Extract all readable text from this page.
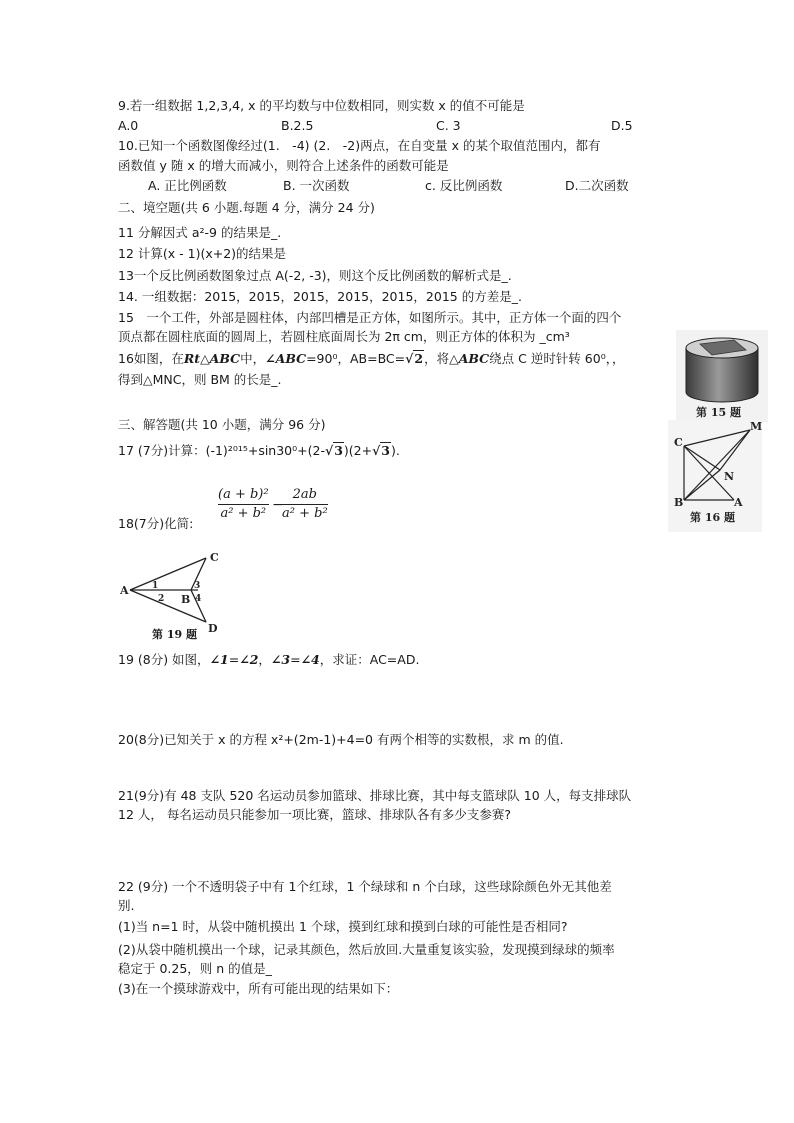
9.若一组数据 1,2,3,4, x 的平均数与中位数相同，则实数 x 的值不可能是
A.0	B.2.5	C. 3	D.5
10.已知一个函数图像经过(1.　-4) (2.　-2)两点，在自变量 x 的某个取值范围内，都有
函数值 y 随 x 的增大而减小，则符合上述条件的函数可能是
A. 正比例函数	B. 一次函数	c. 反比例函数	D.二次函数
二、境空题(共 6 小题.每题 4 分，满分 24 分)
11 分解因式 a²-9 的结果是_.
12 计算(x - 1)(x+2)的结果是
13一个反比例函数图象过点 A(-2, -3)，则这个反比例函数的解析式是_.
14. 一组数据：2015，2015，2015，2015，2015，2015 的方差是_.
15　一个工件，外部是圆柱体，内部凹槽是正方体，如图所示。其中，正方体一个面的四个
顶点都在圆柱底面的圆周上，若圆柱底面周长为 2π cm，则正方体的体积为 _cm³
16如图，在Rt△ABC中，∠ABC=90⁰，AB=BC=√2，将△ABC绕点 C 逆时针转 60⁰，，
得到△MNC，则 BM 的长是_.
三、解答题(共 10 小题，满分 96 分)
17 (7分)计算：(-1)²⁰¹⁵+sin30⁰+(2-√3)(2+√3).
(a + b)²
a² + b²
−
2ab
a² + b²
18(7分)化简:
C
A	1
2 B
3
4
D
第 19 题
19 (8分) 如图，∠1=∠2，∠3=∠4，求证：AC=AD.
20(8分)已知关于 x 的方程 x²+(2m-1)+4=0 有两个相等的实数根，求 m 的值.
21(9分)有 48 支队 520 名运动员参加篮球、排球比赛，其中每支篮球队 10 人，每支排球队
12 人， 每名运动员只能参加一项比赛，篮球、排球队各有多少支参赛?
22 (9分) 一个不透明袋子中有 1个红球，1 个绿球和 n 个白球，这些球除颜色外无其他差
别.
(1)当 n=1 时，从袋中随机摸出 1 个球，摸到红球和摸到白球的可能性是否相同?
(2)从袋中随机摸出一个球，记录其颜色，然后放回.大量重复该实验，发现摸到绿球的频率
稳定于 0.25，则 n 的值是_
(3)在一个摸球游戏中，所有可能出现的结果如下：
第 15 题
C
M
N
B	A
第 16 题
